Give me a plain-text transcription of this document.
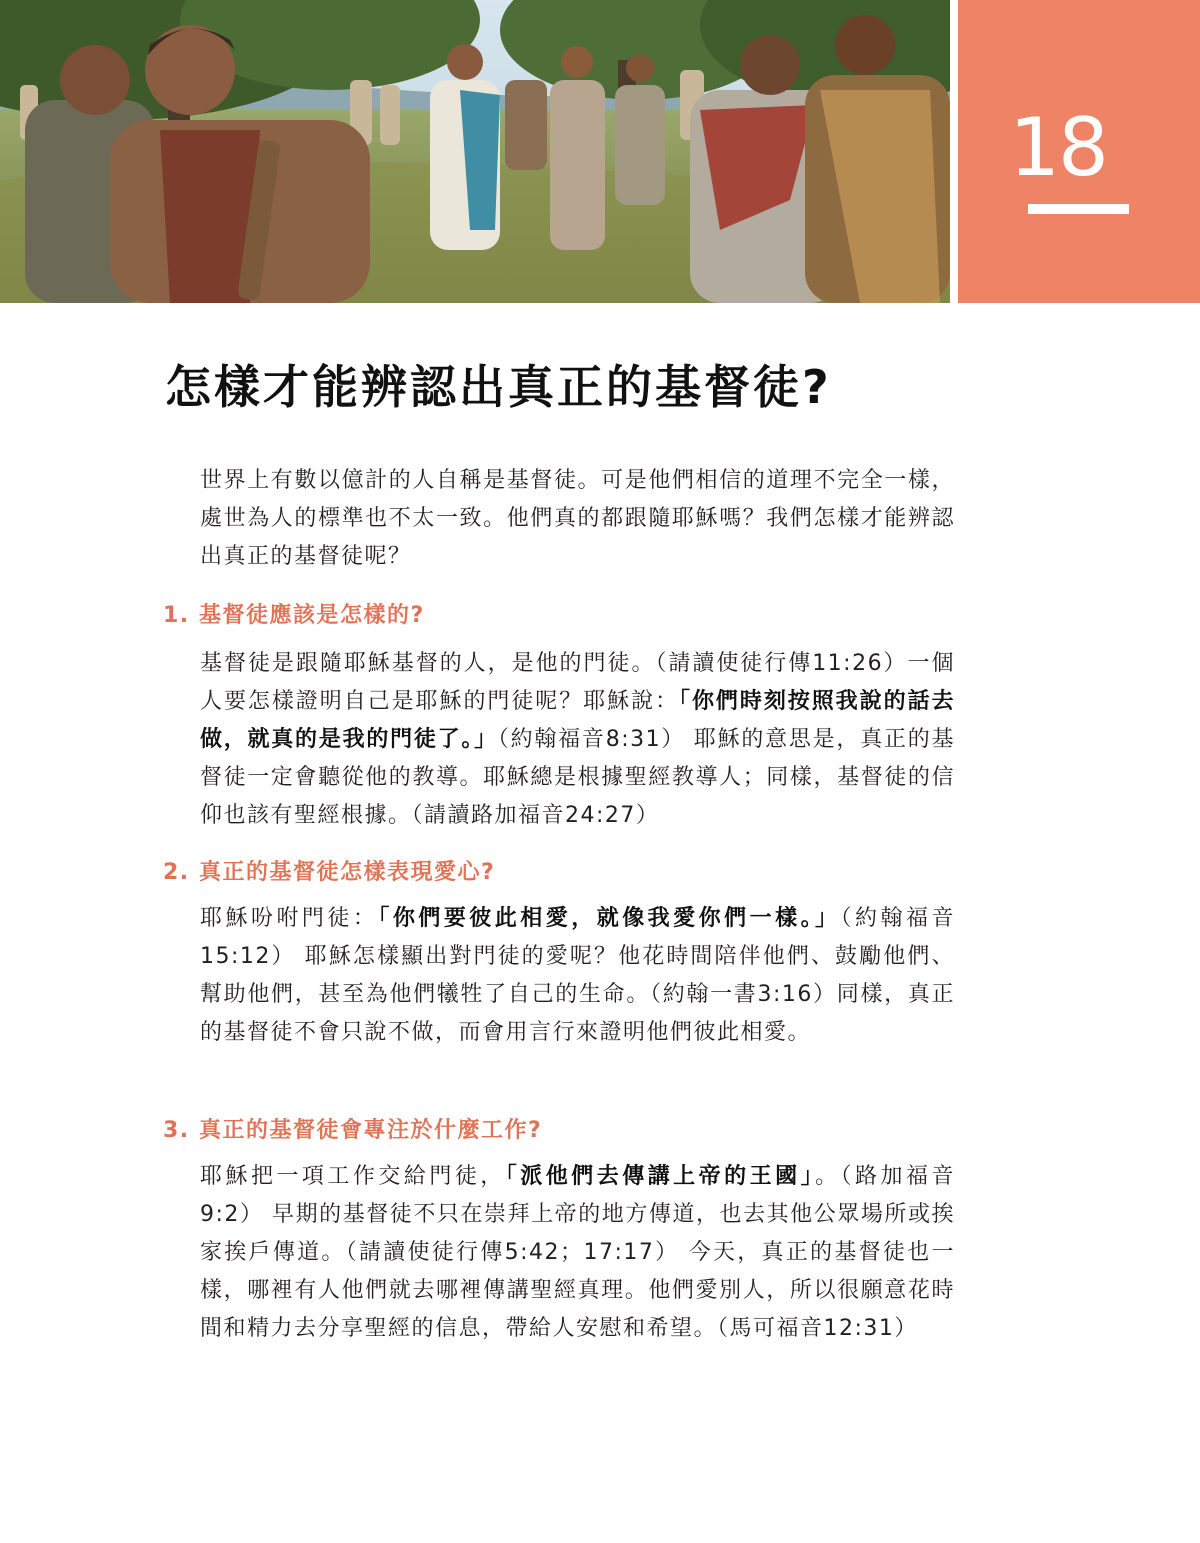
18
怎樣才能辨認出真正的基督徒?

世界上有數以億計的人自稱是基督徒。可是他們相信的道理不完全一樣，處世為人的標準也不太一致。他們真的都跟隨耶穌嗎？我們怎樣才能辨認出真正的基督徒呢？

1. 基督徒應該是怎樣的?

基督徒是跟隨耶穌基督的人，是他的門徒。（請讀使徒行傳11:26）一個人要怎樣證明自己是耶穌的門徒呢？耶穌說：「你們時刻按照我說的話去做，就真的是我的門徒了。」（約翰福音8:31） 耶穌的意思是，真正的基督徒一定會聽從他的教導。耶穌總是根據聖經教導人；同樣，基督徒的信仰也該有聖經根據。（請讀路加福音24:27）

2. 真正的基督徒怎樣表現愛心?

耶穌吩咐門徒：「你們要彼此相愛，就像我愛你們一樣。」（約翰福音15:12） 耶穌怎樣顯出對門徒的愛呢？他花時間陪伴他們、鼓勵他們、幫助他們，甚至為他們犧牲了自己的生命。（約翰一書3:16）同樣，真正的基督徒不會只說不做，而會用言行來證明他們彼此相愛。

3. 真正的基督徒會專注於什麼工作?

耶穌把一項工作交給門徒，「派他們去傳講上帝的王國」。（路加福音9:2） 早期的基督徒不只在崇拜上帝的地方傳道，也去其他公眾場所或挨家挨戶傳道。（請讀使徒行傳5:42；17:17） 今天，真正的基督徒也一樣，哪裡有人他們就去哪裡傳講聖經真理。他們愛別人，所以很願意花時間和精力去分享聖經的信息，帶給人安慰和希望。（馬可福音12:31）
